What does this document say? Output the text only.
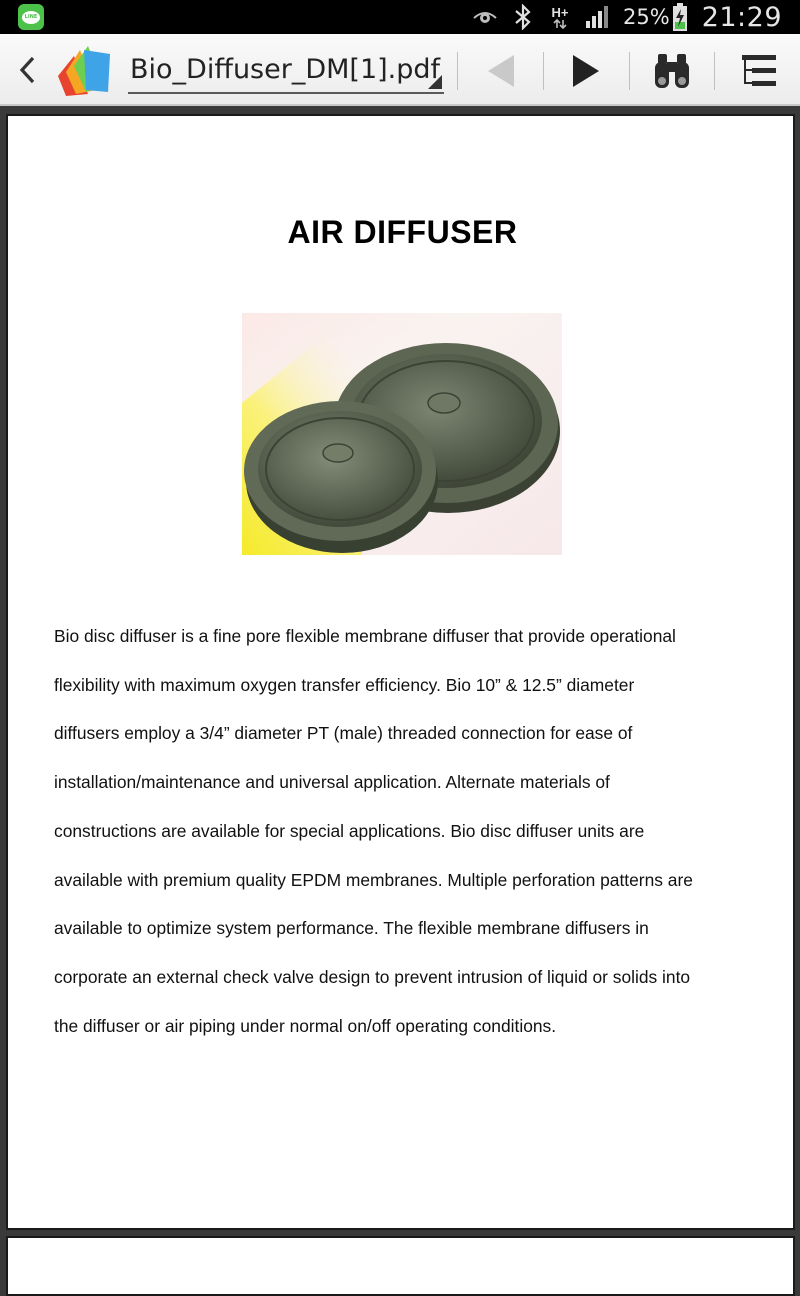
LINE	H+	25% 21:29
Bio_Diffuser_DM[1].pdf
AIR DIFFUSER
Bio disc diffuser is a fine pore flexible membrane diffuser that provide operational
flexibility with maximum oxygen transfer efficiency. Bio 10” & 12.5” diameter
diffusers employ a 3/4” diameter PT (male) threaded connection for ease of
installation/maintenance and universal application. Alternate materials of
constructions are available for special applications. Bio disc diffuser units are
available with premium quality EPDM membranes. Multiple perforation patterns are
available to optimize system performance. The flexible membrane diffusers in
corporate an external check valve design to prevent intrusion of liquid or solids into
the diffuser or air piping under normal on/off operating conditions.
